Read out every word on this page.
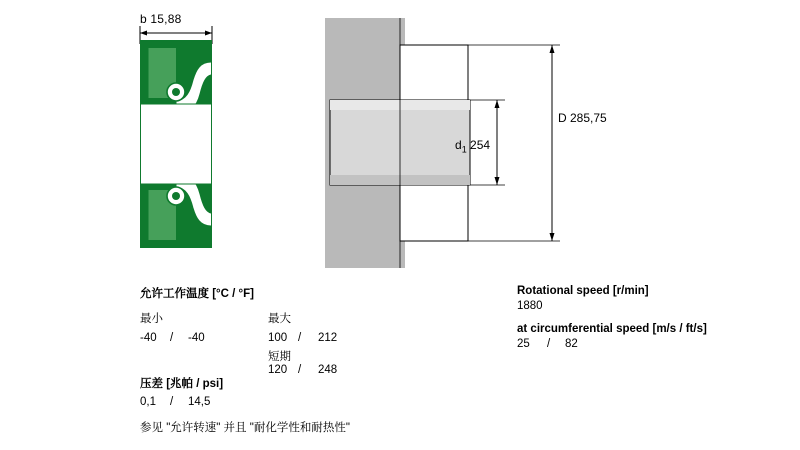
b 15,88
D 285,75
$d_1$ 254
允许工作温度 [°C / °F]
最小	最大
-40 / -40	100 / 212
短期
120 / 248
压差 [兆帕 / psi]
0,1 / 14,5
参见 "允许转速" 并且 "耐化学性和耐热性"
Rotational speed [r/min]
1880
at circumferential speed [m/s / ft/s]
25 / 82
